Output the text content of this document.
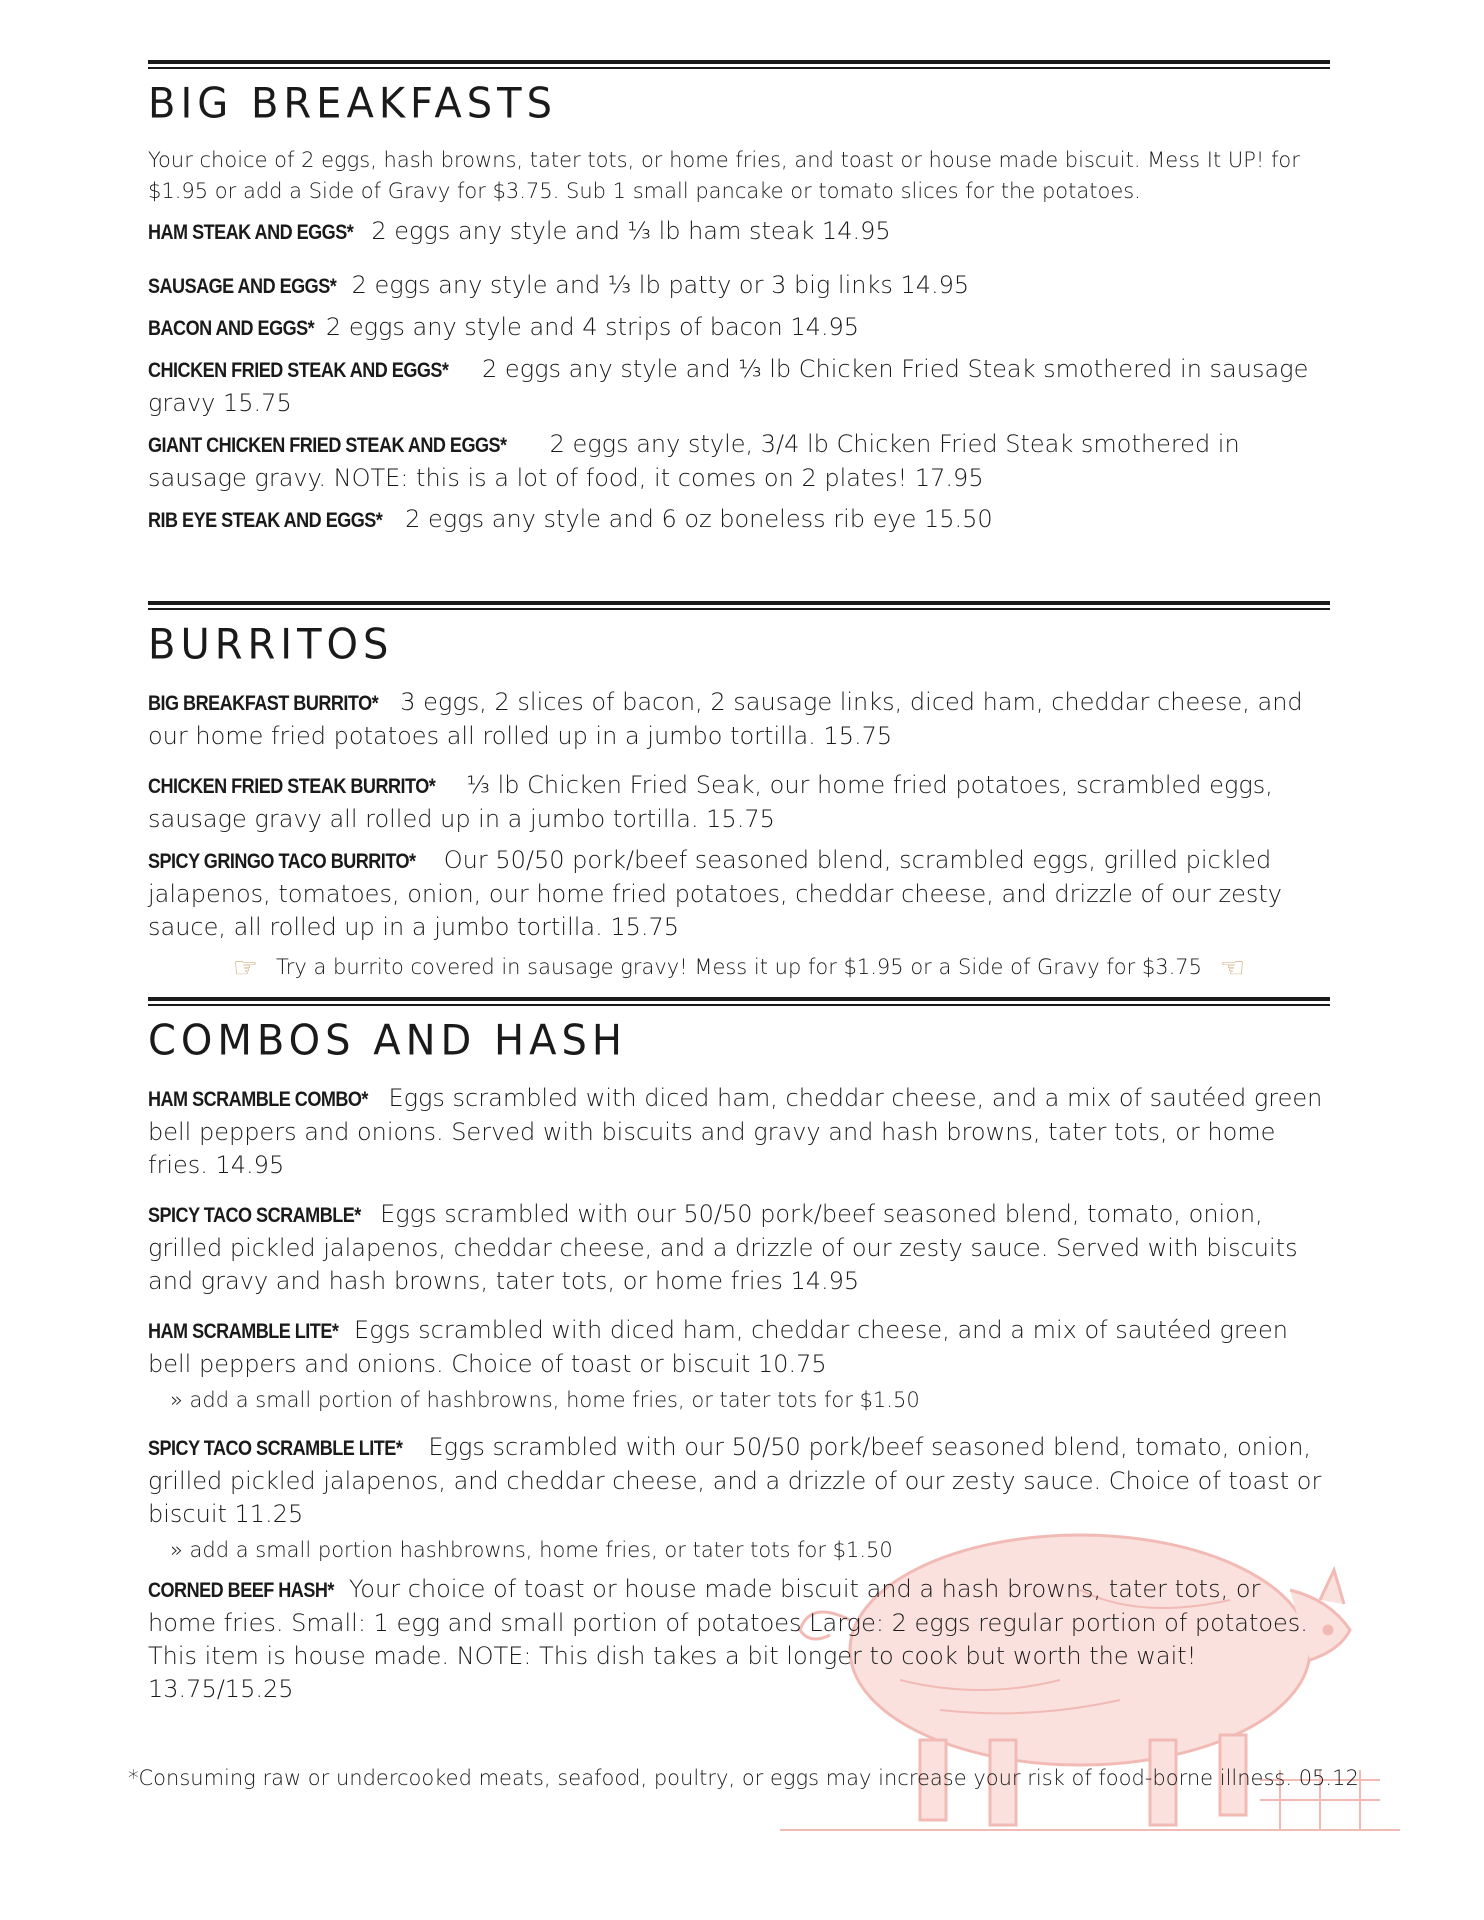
BIG BREAKFASTS

Your choice of 2 eggs, hash browns, tater tots, or home fries, and toast or house made biscuit. Mess It UP! for $1.95 or add a Side of Gravy for $3.75. Sub 1 small pancake or tomato slices for the potatoes.

HAM STEAK AND EGGS* 2 eggs any style and ⅓ lb ham steak 14.95
SAUSAGE AND EGGS* 2 eggs any style and ⅓ lb patty or 3 big links 14.95
BACON AND EGGS* 2 eggs any style and 4 strips of bacon 14.95
CHICKEN FRIED STEAK AND EGGS* 2 eggs any style and ⅓ lb Chicken Fried Steak smothered in sausage gravy 15.75
GIANT CHICKEN FRIED STEAK AND EGGS* 2 eggs any style, 3/4 lb Chicken Fried Steak smothered in sausage gravy. NOTE: this is a lot of food, it comes on 2 plates! 17.95
RIB EYE STEAK AND EGGS* 2 eggs any style and 6 oz boneless rib eye 15.50
BURRITOS
BIG BREAKFAST BURRITO* 3 eggs, 2 slices of bacon, 2 sausage links, diced ham, cheddar cheese, and our home fried potatoes all rolled up in a jumbo tortilla. 15.75
CHICKEN FRIED STEAK BURRITO* ⅓ lb Chicken Fried Seak, our home fried potatoes, scrambled eggs, sausage gravy all rolled up in a jumbo tortilla. 15.75
SPICY GRINGO TACO BURRITO* Our 50/50 pork/beef seasoned blend, scrambled eggs, grilled pickled jalapenos, tomatoes, onion, our home fried potatoes, cheddar cheese, and drizzle of our zesty sauce, all rolled up in a jumbo tortilla. 15.75
☞ Try a burrito covered in sausage gravy! Mess it up for $1.95 or a Side of Gravy for $3.75 ☜
COMBOS AND HASH
HAM SCRAMBLE COMBO* Eggs scrambled with diced ham, cheddar cheese, and a mix of sautéed green bell peppers and onions. Served with biscuits and gravy and hash browns, tater tots, or home fries. 14.95
SPICY TACO SCRAMBLE* Eggs scrambled with our 50/50 pork/beef seasoned blend, tomato, onion, grilled pickled jalapenos, cheddar cheese, and a drizzle of our zesty sauce. Served with biscuits and gravy and hash browns, tater tots, or home fries 14.95
HAM SCRAMBLE LITE* Eggs scrambled with diced ham, cheddar cheese, and a mix of sautéed green bell peppers and onions. Choice of toast or biscuit 10.75
» add a small portion of hashbrowns, home fries, or tater tots for $1.50
SPICY TACO SCRAMBLE LITE* Eggs scrambled with our 50/50 pork/beef seasoned blend, tomato, onion, grilled pickled jalapenos, and cheddar cheese, and a drizzle of our zesty sauce. Choice of toast or biscuit 11.25
» add a small portion hashbrowns, home fries, or tater tots for $1.50
CORNED BEEF HASH* Your choice of toast or house made biscuit and a hash browns, tater tots, or home fries. Small: 1 egg and small portion of potatoes Large: 2 eggs regular portion of potatoes. This item is house made. NOTE: This dish takes a bit longer to cook but worth the wait! 13.75/15.25
*Consuming raw or undercooked meats, seafood, poultry, or eggs may increase your risk of food-borne illness. 05.12
